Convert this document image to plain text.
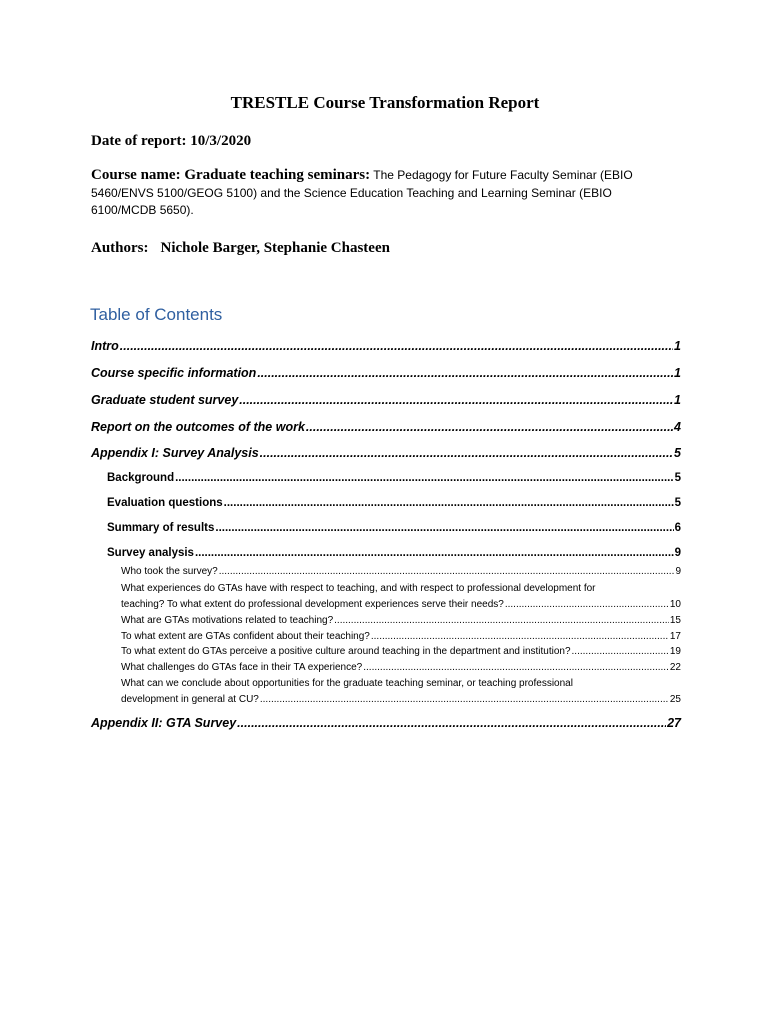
TRESTLE Course Transformation Report
Date of report: 10/3/2020
Course name: Graduate teaching seminars: The Pedagogy for Future Faculty Seminar (EBIO
5460/ENVS 5100/GEOG 5100) and the Science Education Teaching and Learning Seminar (EBIO
6100/MCDB 5650).
Authors: Nichole Barger, Stephanie Chasteen
Table of Contents
Intro .....	1
Course specific information .....	1
Graduate student survey .....	1
Report on the outcomes of the work .....	4
Appendix I: Survey Analysis .....	5
Background .....	5
Evaluation questions .....	5
Summary of results .....	6
Survey analysis .....	9
Who took the survey? .....	9
What experiences do GTAs have with respect to teaching, and with respect to professional development for
teaching? To what extent do professional development experiences serve their needs? .....	10
What are GTAs motivations related to teaching? .....	15
To what extent are GTAs confident about their teaching? .....	17
To what extent do GTAs perceive a positive culture around teaching in the department and institution? .....	19
What challenges do GTAs face in their TA experience? .....	22
What can we conclude about opportunities for the graduate teaching seminar, or teaching professional
development in general at CU? .....	25
Appendix II: GTA Survey .....	27
